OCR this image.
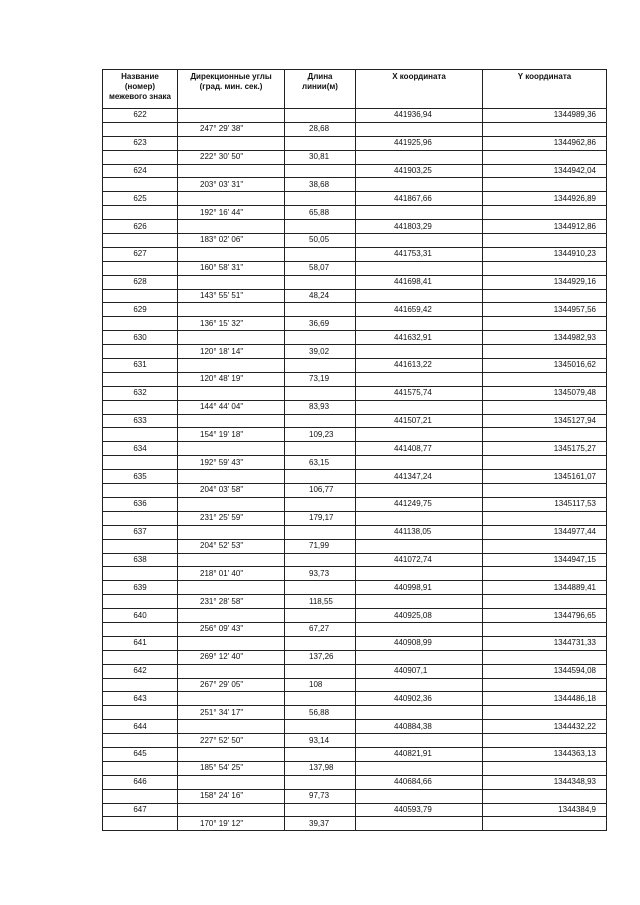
Название
(номер)
межевого знака	Дирекционные углы
(град. мин. сек.)	Длина
линии(м)	X координата	Y координата

622			441936,94	1344989,36
	247° 29' 38"	28,68		
623			441925,96	1344962,86
	222° 30' 50"	30,81		
624			441903,25	1344942,04
	203° 03' 31"	38,68		
625			441867,66	1344926,89
	192° 16' 44"	65,88		
626			441803,29	1344912,86
	183° 02' 06"	50,05		
627			441753,31	1344910,23
	160° 58' 31"	58,07		
628			441698,41	1344929,16
	143° 55' 51"	48,24		
629			441659,42	1344957,56
	136° 15' 32"	36,69		
630			441632,91	1344982,93
	120° 18' 14"	39,02		
631			441613,22	1345016,62
	120° 48' 19"	73,19		
632			441575,74	1345079,48
	144° 44' 04"	83,93		
633			441507,21	1345127,94
	154° 19' 18"	109,23		
634			441408,77	1345175,27
	192° 59' 43"	63,15		
635			441347,24	1345161,07
	204° 03' 58"	106,77		
636			441249,75	1345117,53
	231° 25' 59"	179,17		
637			441138,05	1344977,44
	204° 52' 53"	71,99		
638			441072,74	1344947,15
	218° 01' 40"	93,73		
639			440998,91	1344889,41
	231° 28' 58"	118,55		
640			440925,08	1344796,65
	256° 09' 43"	67,27		
641			440908,99	1344731,33
	269° 12' 40"	137,26		
642			440907,1	1344594,08
	267° 29' 05"	108		
643			440902,36	1344486,18
	251° 34' 17"	56,88		
644			440884,38	1344432,22
	227° 52' 50"	93,14		
645			440821,91	1344363,13
	185° 54' 25"	137,98		
646			440684,66	1344348,93
	158° 24' 16"	97,73		
647			440593,79	1344384,9
	170° 19' 12"	39,37		
